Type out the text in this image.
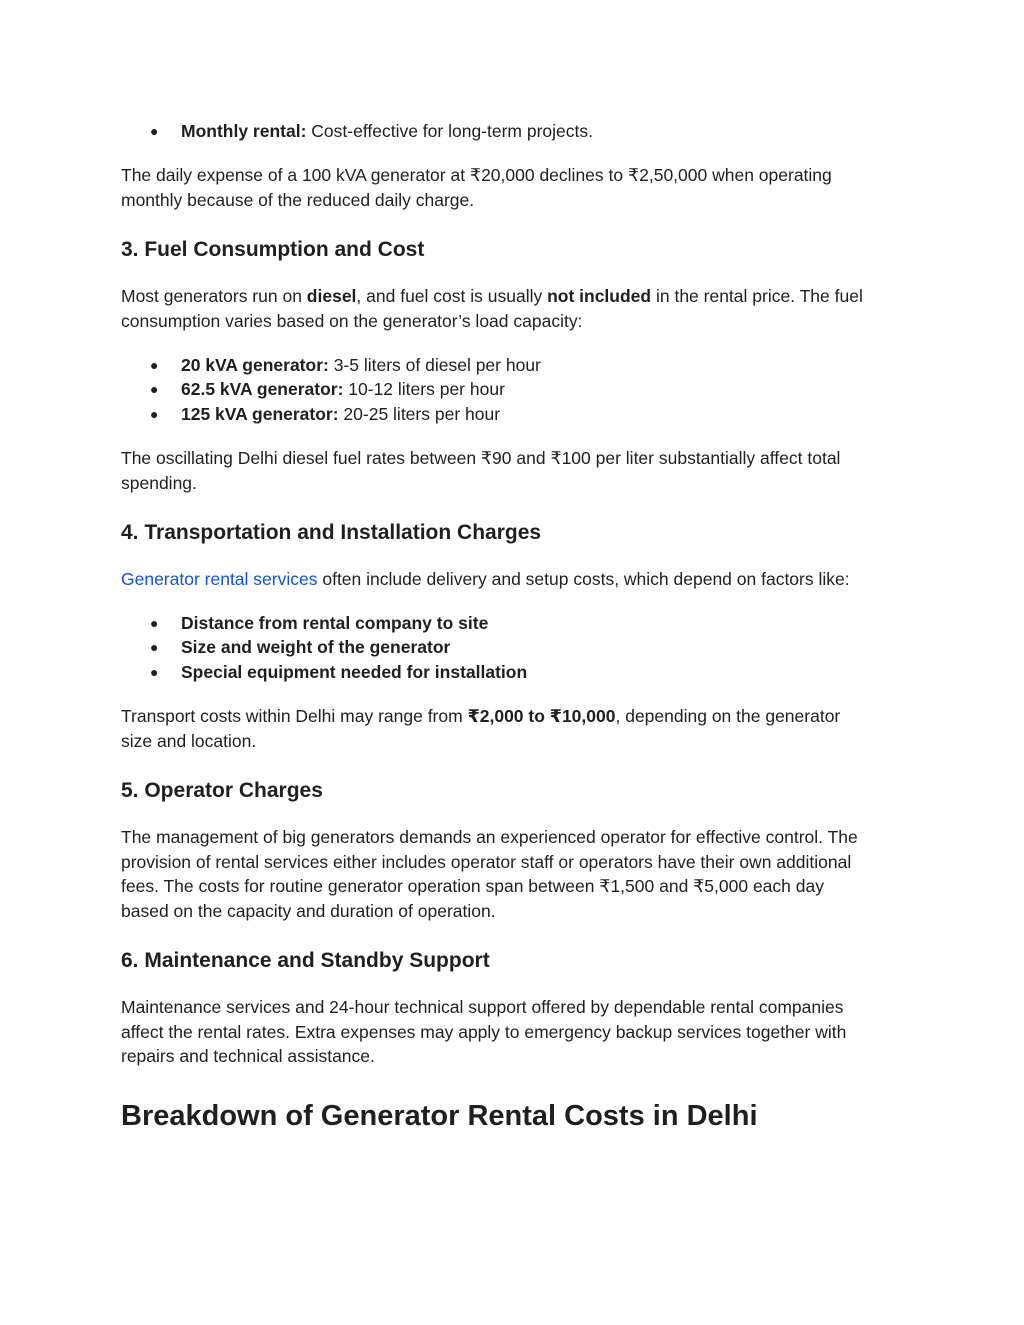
● Monthly rental: Cost-effective for long-term projects.

The daily expense of a 100 kVA generator at ₹20,000 declines to ₹2,50,000 when operating

monthly because of the reduced daily charge.

3. Fuel Consumption and Cost

Most generators run on diesel, and fuel cost is usually not included in the rental price. The fuel

consumption varies based on the generator’s load capacity:

● 20 kVA generator: 3-5 liters of diesel per hour
● 62.5 kVA generator: 10-12 liters per hour
● 125 kVA generator: 20-25 liters per hour

The oscillating Delhi diesel fuel rates between ₹90 and ₹100 per liter substantially affect total

spending.

4. Transportation and Installation Charges

Generator rental services often include delivery and setup costs, which depend on factors like:

● Distance from rental company to site
● Size and weight of the generator
● Special equipment needed for installation

Transport costs within Delhi may range from ₹2,000 to ₹10,000, depending on the generator

size and location.

5. Operator Charges

The management of big generators demands an experienced operator for effective control. The

provision of rental services either includes operator staff or operators have their own additional

fees. The costs for routine generator operation span between ₹1,500 and ₹5,000 each day

based on the capacity and duration of operation.

6. Maintenance and Standby Support

Maintenance services and 24-hour technical support offered by dependable rental companies

affect the rental rates. Extra expenses may apply to emergency backup services together with

repairs and technical assistance.

Breakdown of Generator Rental Costs in Delhi
